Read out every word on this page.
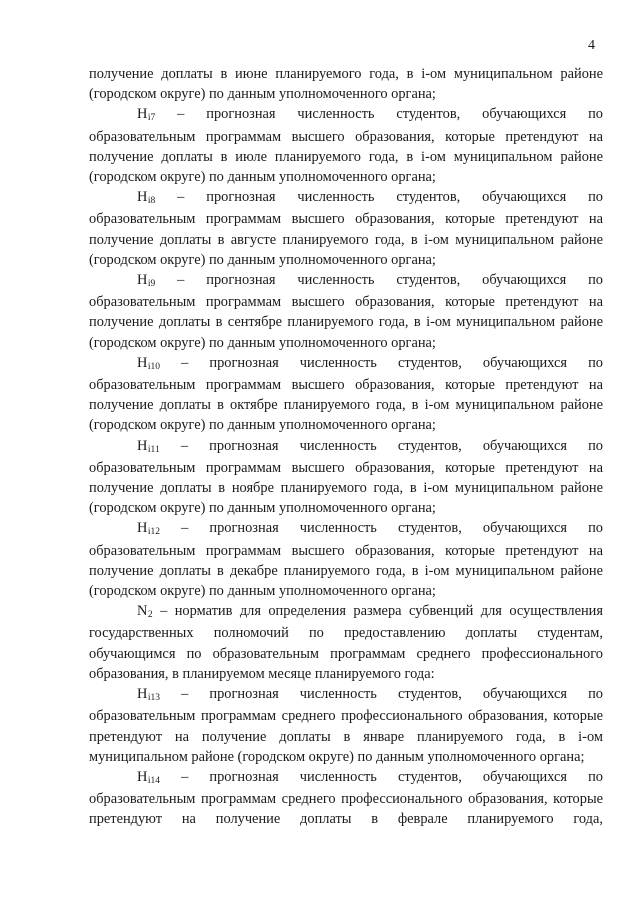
4

получение доплаты в июне планируемого года, в i-ом муниципальном районе (городском округе) по данным уполномоченного органа;

Нi7 – прогнозная численность студентов, обучающихся по образовательным программам высшего образования, которые претендуют на получение доплаты в июле планируемого года, в i-ом муниципальном районе (городском округе) по данным уполномоченного органа;

Нi8 – прогнозная численность студентов, обучающихся по образовательным программам высшего образования, которые претендуют на получение доплаты в августе планируемого года, в i-ом муниципальном районе (городском округе) по данным уполномоченного органа;

Нi9 – прогнозная численность студентов, обучающихся по образовательным программам высшего образования, которые претендуют на получение доплаты в сентябре планируемого года, в i-ом муниципальном районе (городском округе) по данным уполномоченного органа;

Нi10 – прогнозная численность студентов, обучающихся по образовательным программам высшего образования, которые претендуют на получение доплаты в октябре планируемого года, в i-ом муниципальном районе (городском округе) по данным уполномоченного органа;

Нi11 – прогнозная численность студентов, обучающихся по образовательным программам высшего образования, которые претендуют на получение доплаты в ноябре планируемого года, в i-ом муниципальном районе (городском округе) по данным уполномоченного органа;

Нi12 – прогнозная численность студентов, обучающихся по образовательным программам высшего образования, которые претендуют на получение доплаты в декабре планируемого года, в i-ом муниципальном районе (городском округе) по данным уполномоченного органа;

N2 – норматив для определения размера субвенций для осуществления государственных полномочий по предоставлению доплаты студентам, обучающимся по образовательным программам среднего профессионального образования, в планируемом месяце планируемого года:

Нi13 – прогнозная численность студентов, обучающихся по образовательным программам среднего профессионального образования, которые претендуют на получение доплаты в январе планируемого года, в i-ом муниципальном районе (городском округе) по данным уполномоченного органа;

Нi14 – прогнозная численность студентов, обучающихся по образовательным программам среднего профессионального образования, которые претендуют на получение доплаты в феврале планируемого года,
